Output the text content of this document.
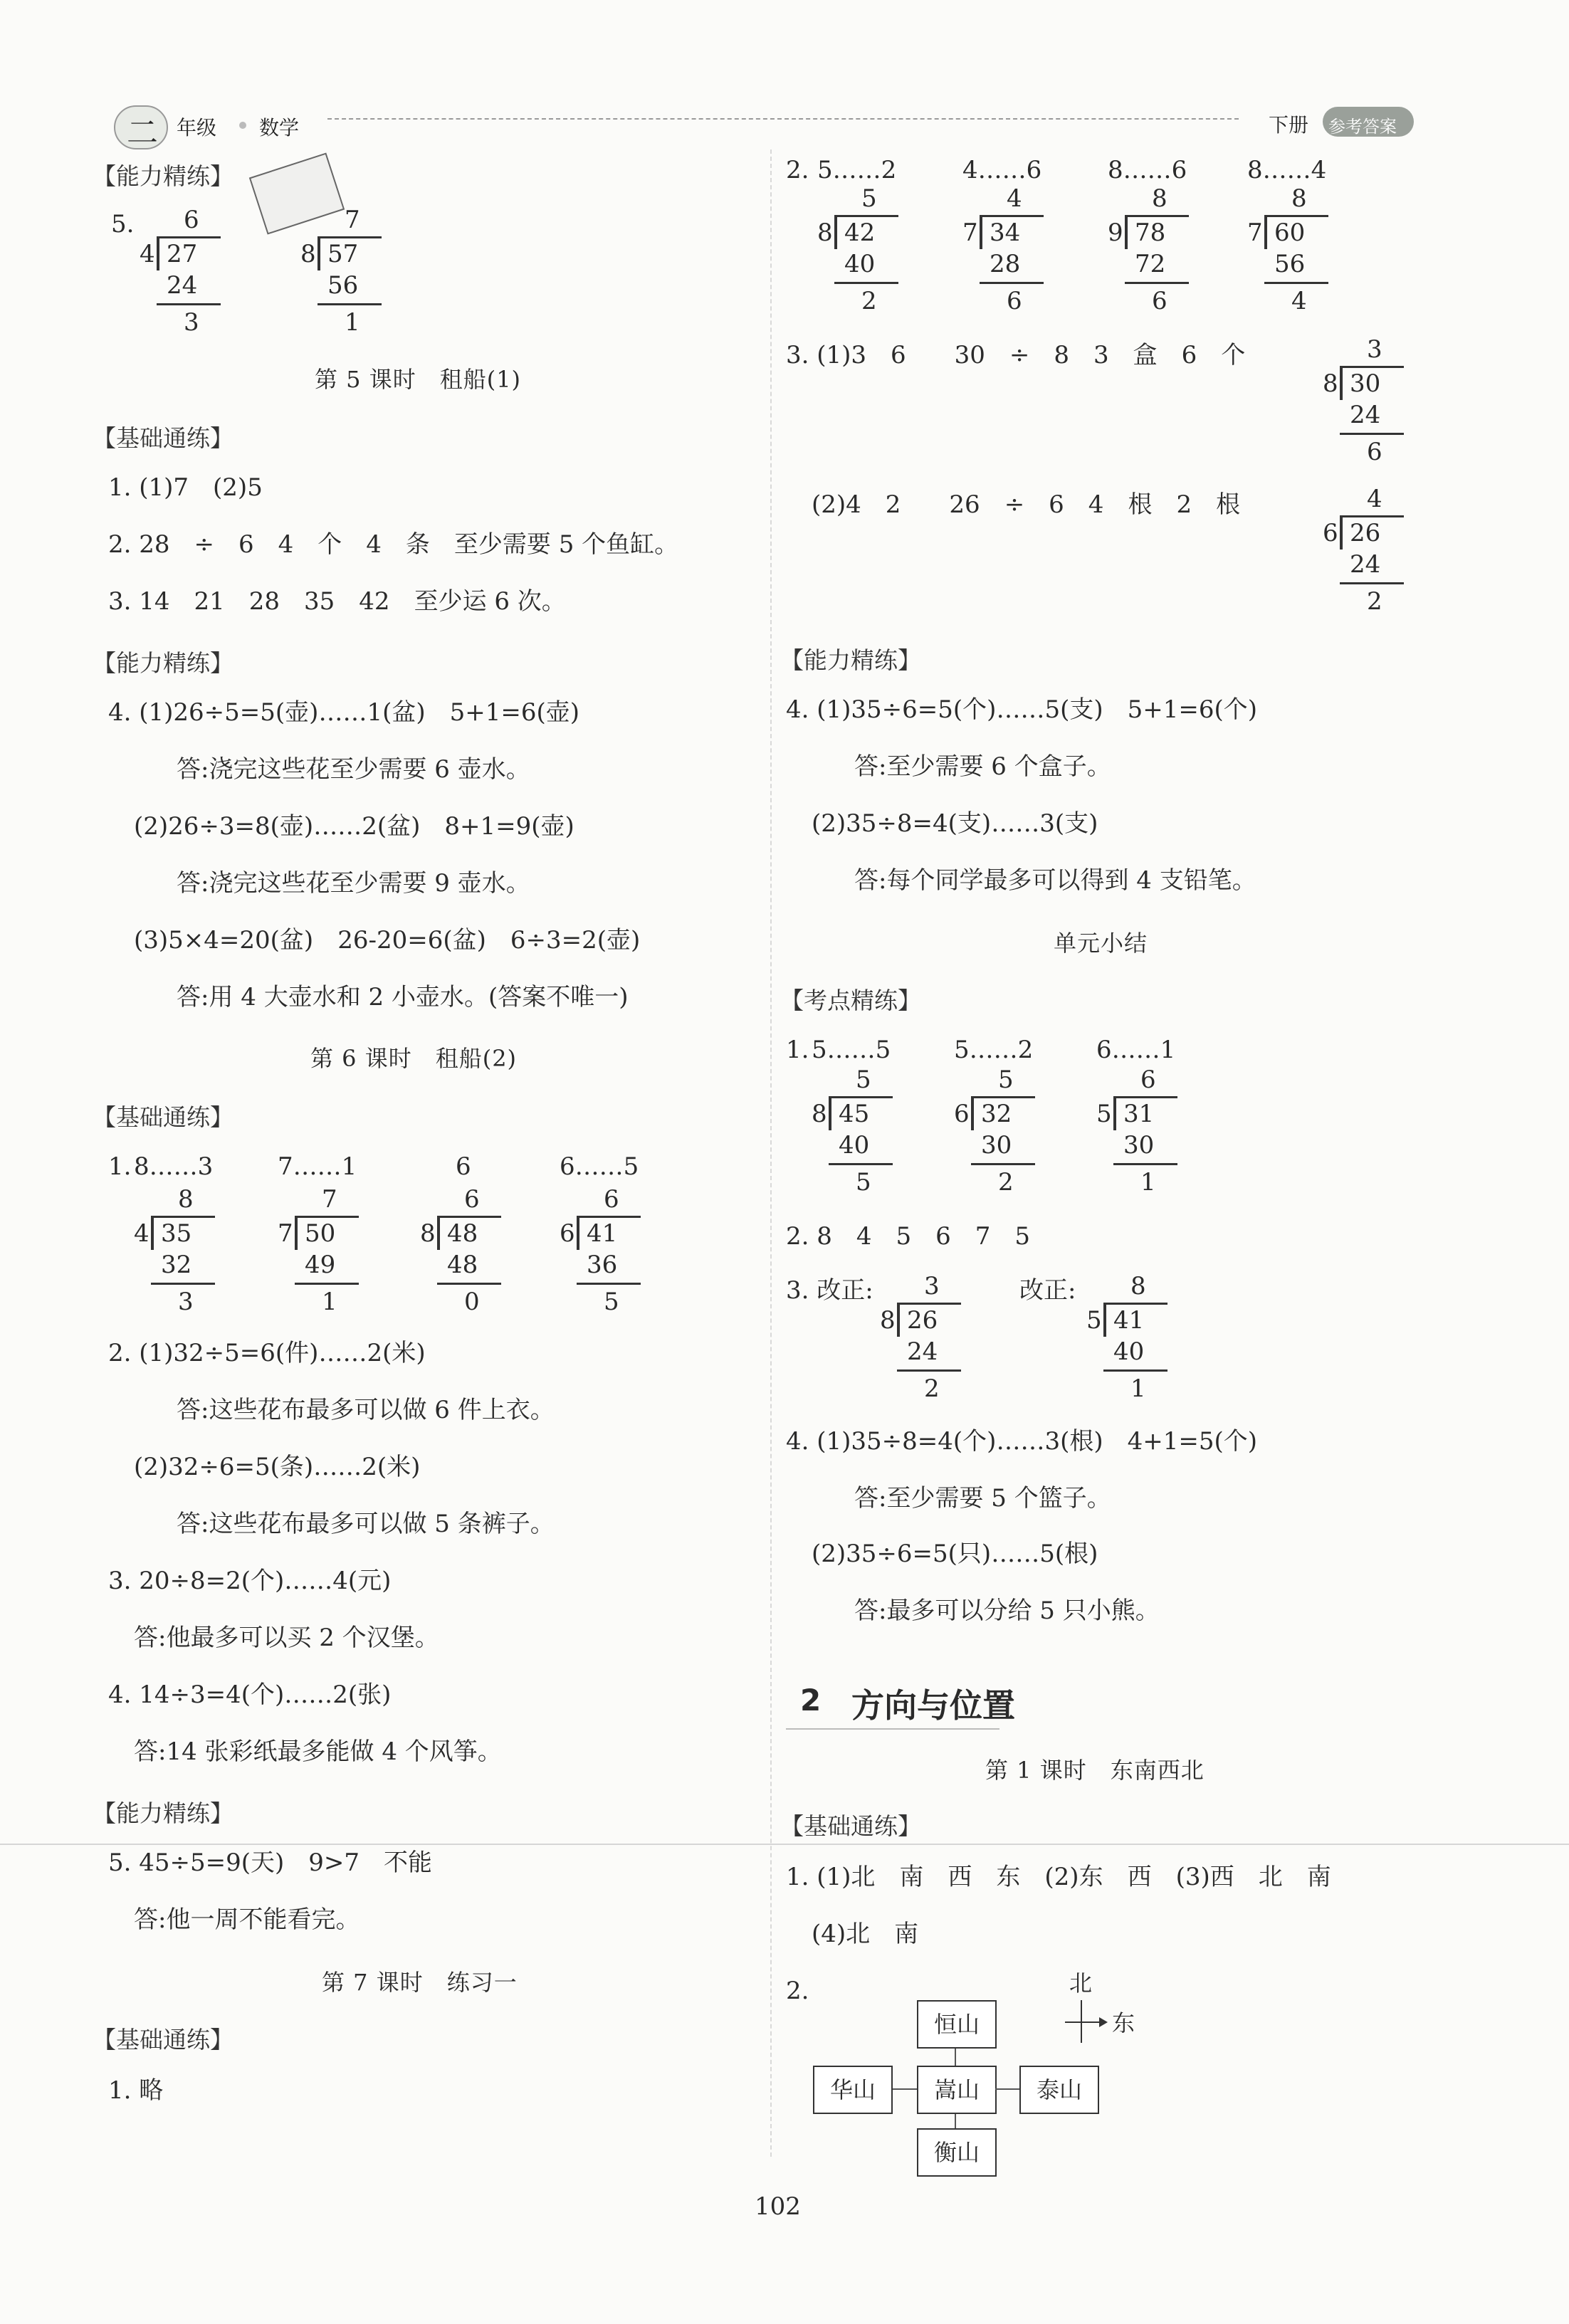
二 年级 数学	下册 参考答案
【能力精练】
5. 6
4 27
24
3
7
8 57
56
1
第 5 课时　租船(1)
【基础通练】
1. (1)7　(2)5
2. 28　÷　6　4　个　4　条　至少需要 5 个鱼缸。
3. 14　21　28　35　42　至少运 6 次。
【能力精练】
4. (1)26÷5=5(壶)……1(盆)　5+1=6(壶)
答:浇完这些花至少需要 6 壶水。
(2)26÷3=8(壶)……2(盆)　8+1=9(壶)
答:浇完这些花至少需要 9 壶水。
(3)5×4=20(盆)　26-20=6(盆)　6÷3=2(壶)
答:用 4 大壶水和 2 小壶水。(答案不唯一)
第 6 课时　租船(2)
【基础通练】
1. 8……3	7……1	6	6……5
8
4 35
32
3
7
7 50
49
1
6
8 48
48
0
6
6 41
36
5
2. (1)32÷5=6(件)……2(米)
答:这些花布最多可以做 6 件上衣。
(2)32÷6=5(条)……2(米)
答:这些花布最多可以做 5 条裤子。
3. 20÷8=2(个)……4(元)
答:他最多可以买 2 个汉堡。
4. 14÷3=4(个)……2(张)
答:14 张彩纸最多能做 4 个风筝。
【能力精练】
5. 45÷5=9(天)　9>7　不能
答:他一周不能看完。
第 7 课时　练习一
【基础通练】
1. 略
2. 5……2	4……6	8……6 8……4
5
8 42
40
2
4
7 34
28
6
8
9 78
72
6
8
7 60
56
4
3. (1)3　6　　30　÷　8　3　盒　6　个	3
8 30
24
6
(2)4　2　　26　÷　6　4　根　2　根	4
6 26
24
2
【能力精练】
4. (1)35÷6=5(个)……5(支)　5+1=6(个)
答:至少需要 6 个盒子。
(2)35÷8=4(支)……3(支)
答:每个同学最多可以得到 4 支铅笔。
单元小结
【考点精练】
1. 5……5	5……2	6……1
5
8 45
40
5
5
6 32
30
2
6
5 31
30
1
2. 8　4　5　6　7　5
3. 改正:	改正:
3
8 26
24
2
8
5 41
40
1
4. (1)35÷8=4(个)……3(根)　4+1=5(个)
答:至少需要 5 个篮子。
(2)35÷6=5(只)……5(根)
答:最多可以分给 5 只小熊。
2 方向与位置
第 1 课时　东南西北
【基础通练】
1. (1)北　南　西　东　(2)东　西　(3)西　北　南
(4)北　南
2.	北
东
恒山
华山	嵩山	泰山
衡山
102
